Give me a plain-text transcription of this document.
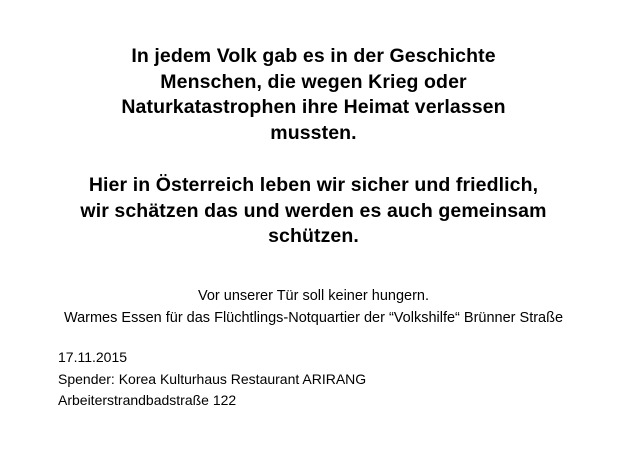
In jedem Volk gab es in der Geschichte
Menschen, die wegen Krieg oder
Naturkatastrophen ihre Heimat verlassen
mussten.
Hier in Österreich leben wir sicher und friedlich,
wir schätzen das und werden es auch gemeinsam
schützen.
Vor unserer Tür soll keiner hungern.
Warmes Essen für das Flüchtlings-Notquartier der “Volkshilfe“ Brünner Straße
17.11.2015
Spender: Korea Kulturhaus Restaurant ARIRANG
Arbeiterstrandbadstraße 122
